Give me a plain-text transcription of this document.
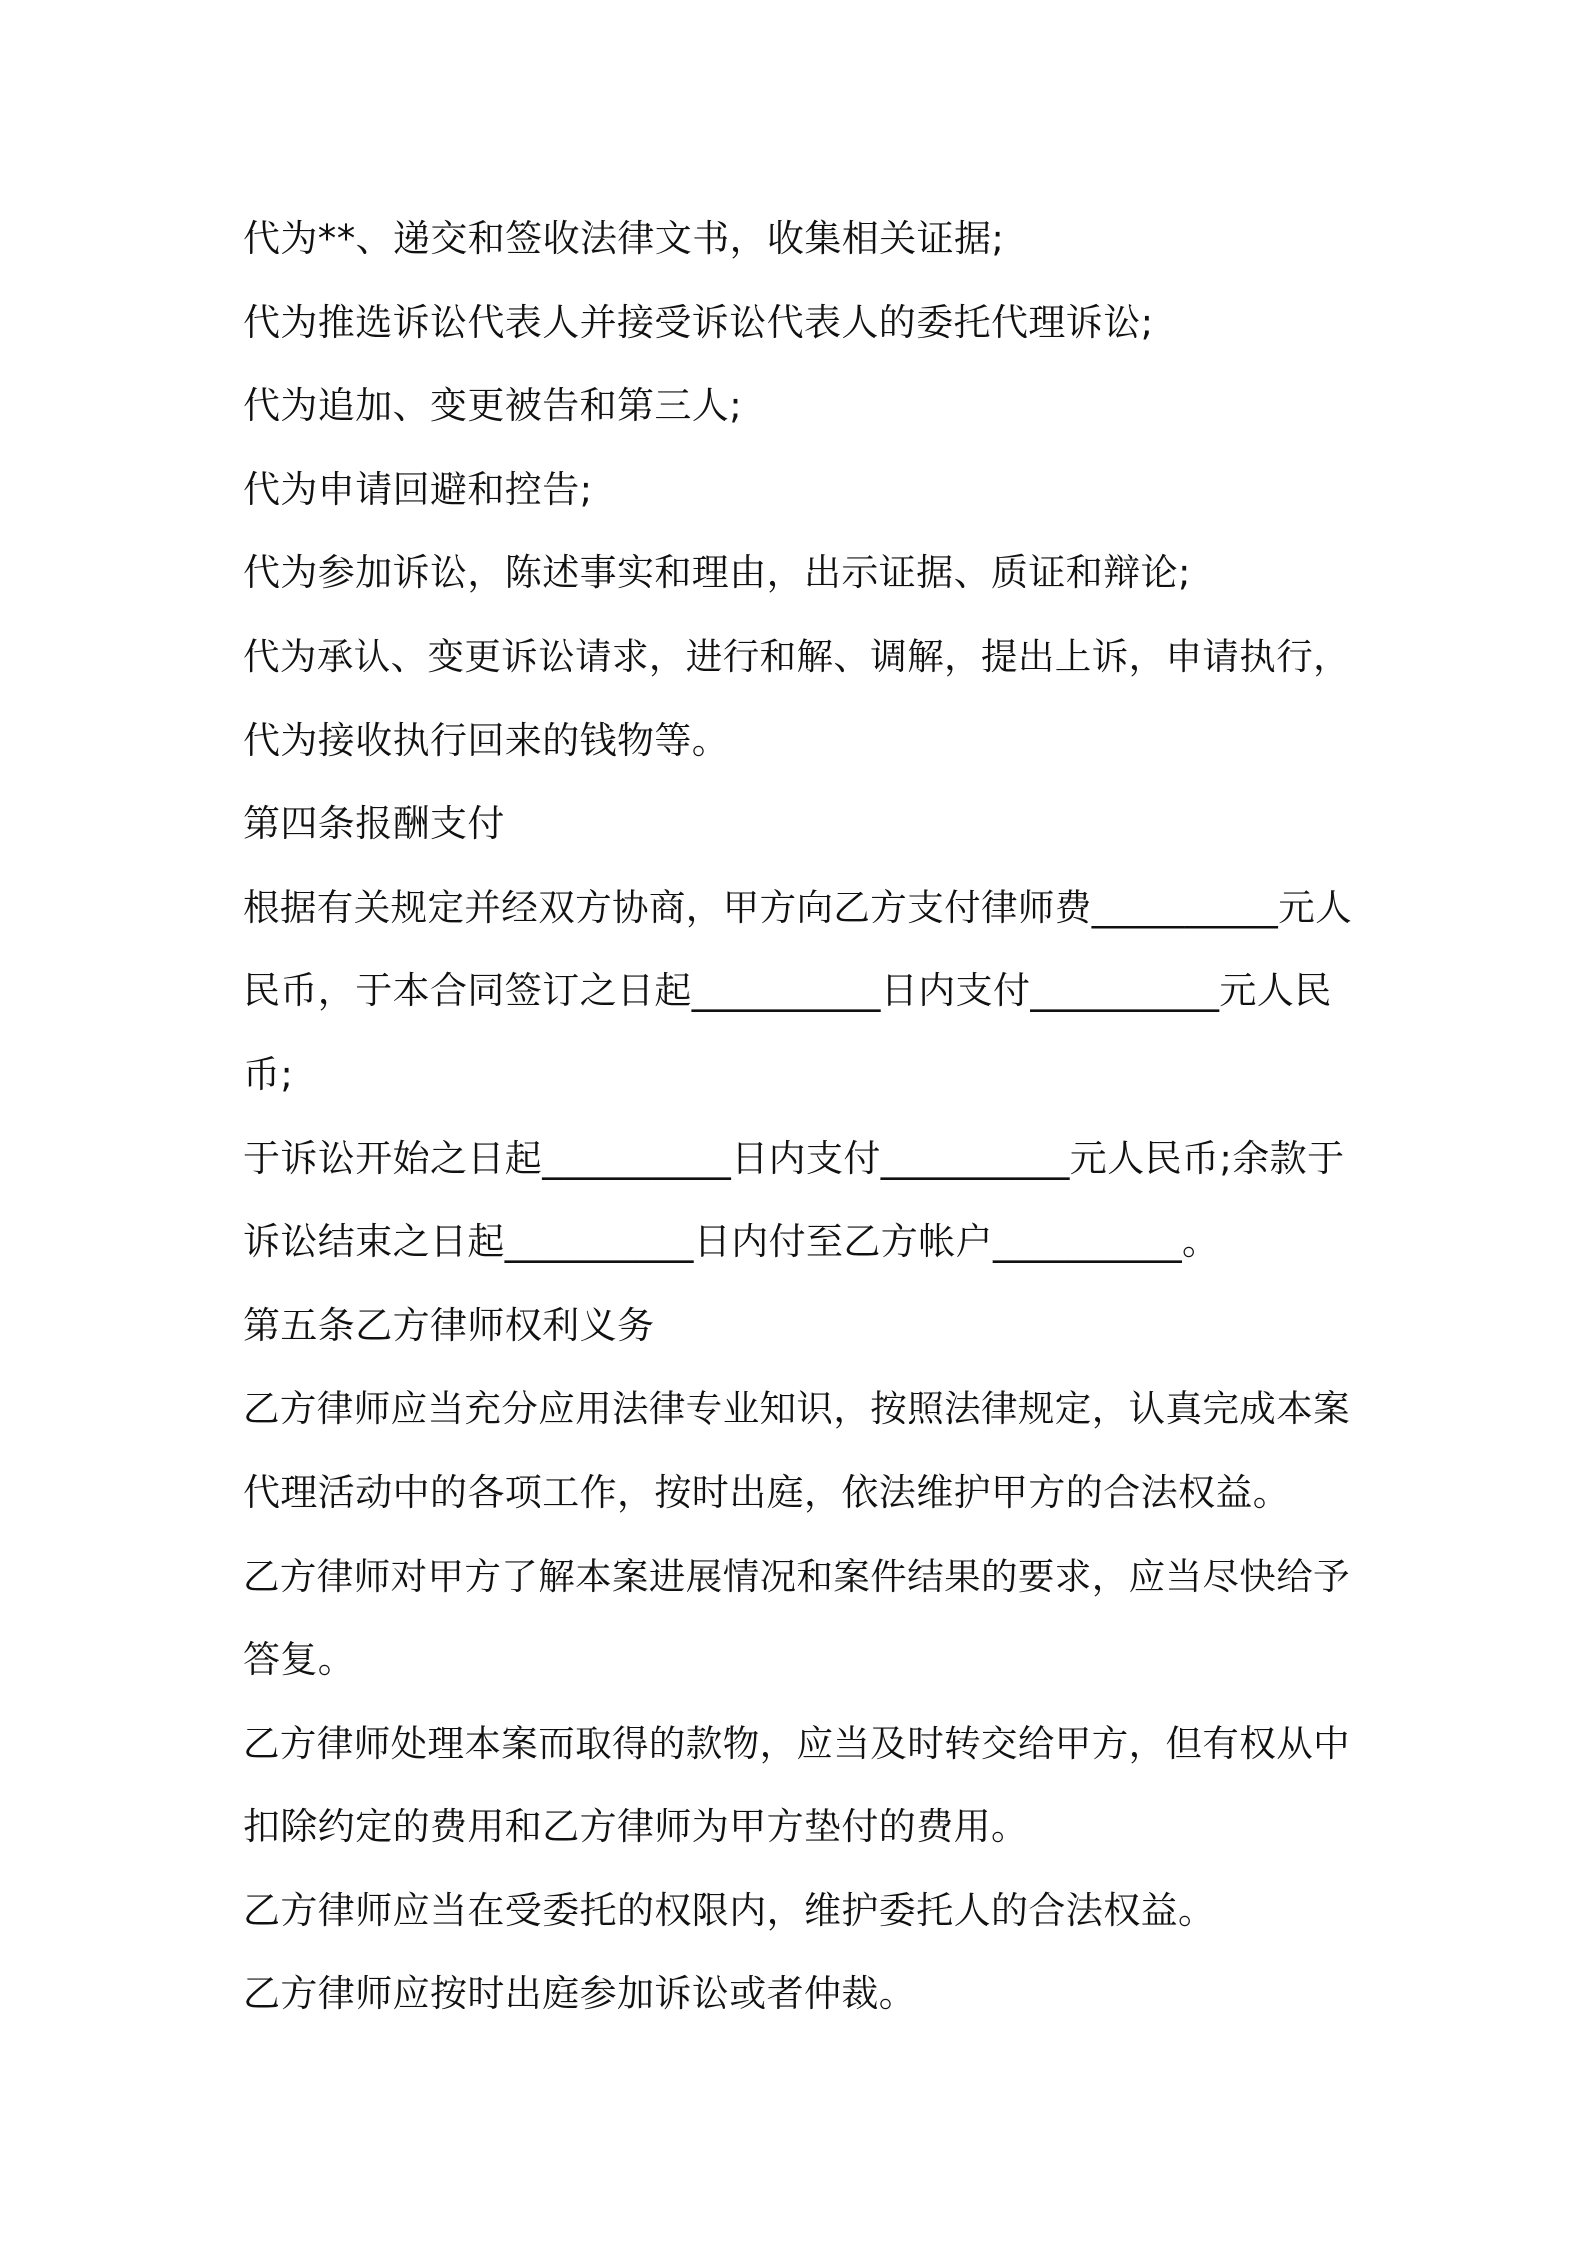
代为**、递交和签收法律文书，收集相关证据;

代为推选诉讼代表人并接受诉讼代表人的委托代理诉讼;

代为追加、变更被告和第三人;

代为申请回避和控告;

代为参加诉讼，陈述事实和理由，出示证据、质证和辩论;

代为承认、变更诉讼请求，进行和解、调解，提出上诉，申请执行，

代为接收执行回来的钱物等。

第四条报酬支付

根据有关规定并经双方协商，甲方向乙方支付律师费__________元人

民币，于本合同签订之日起__________日内支付__________元人民

币;

于诉讼开始之日起__________日内支付__________元人民币;余款于

诉讼结束之日起__________日内付至乙方帐户__________。

第五条乙方律师权利义务

乙方律师应当充分应用法律专业知识，按照法律规定，认真完成本案

代理活动中的各项工作，按时出庭，依法维护甲方的合法权益。

乙方律师对甲方了解本案进展情况和案件结果的要求，应当尽快给予

答复。

乙方律师处理本案而取得的款物，应当及时转交给甲方，但有权从中

扣除约定的费用和乙方律师为甲方垫付的费用。

乙方律师应当在受委托的权限内，维护委托人的合法权益。

乙方律师应按时出庭参加诉讼或者仲裁。
